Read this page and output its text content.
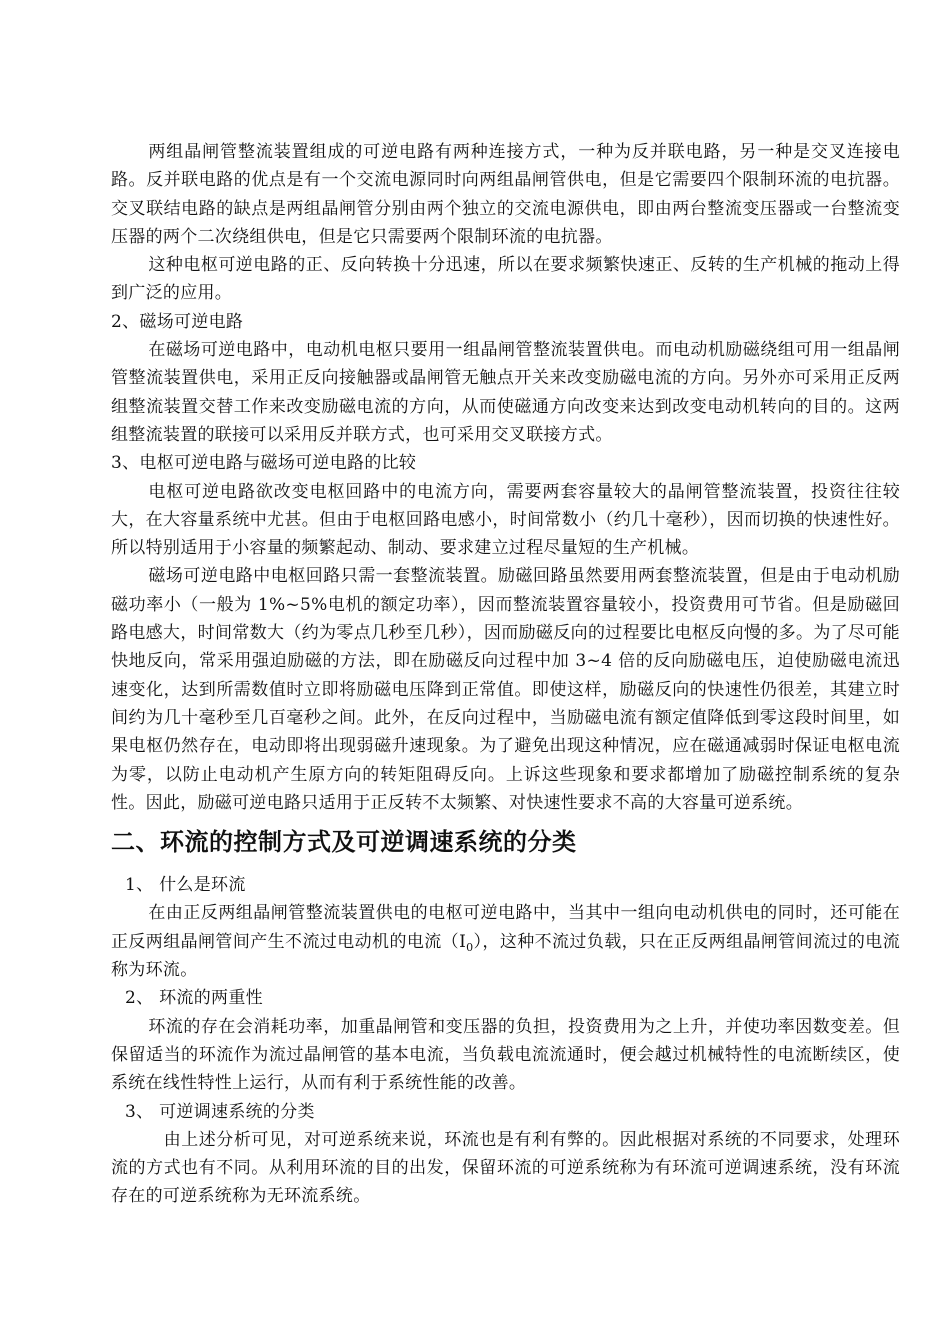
两组晶闸管整流装置组成的可逆电路有两种连接方式，一种为反并联电路，另一种是交叉连接电路。反并联电路的优点是有一个交流电源同时向两组晶闸管供电，但是它需要四个限制环流的电抗器。交叉联结电路的缺点是两组晶闸管分别由两个独立的交流电源供电，即由两台整流变压器或一台整流变压器的两个二次绕组供电，但是它只需要两个限制环流的电抗器。

这种电枢可逆电路的正、反向转换十分迅速，所以在要求频繁快速正、反转的生产机械的拖动上得到广泛的应用。

2、磁场可逆电路

在磁场可逆电路中，电动机电枢只要用一组晶闸管整流装置供电。而电动机励磁绕组可用一组晶闸管整流装置供电，采用正反向接触器或晶闸管无触点开关来改变励磁电流的方向。另外亦可采用正反两组整流装置交替工作来改变励磁电流的方向，从而使磁通方向改变来达到改变电动机转向的目的。这两组整流装置的联接可以采用反并联方式，也可采用交叉联接方式。

3、电枢可逆电路与磁场可逆电路的比较

电枢可逆电路欲改变电枢回路中的电流方向，需要两套容量较大的晶闸管整流装置，投资往往较大，在大容量系统中尤甚。但由于电枢回路电感小，时间常数小（约几十毫秒），因而切换的快速性好。所以特别适用于小容量的频繁起动、制动、要求建立过程尽量短的生产机械。

磁场可逆电路中电枢回路只需一套整流装置。励磁回路虽然要用两套整流装置，但是由于电动机励磁功率小（一般为 1%~5%电机的额定功率），因而整流装置容量较小，投资费用可节省。但是励磁回路电感大，时间常数大（约为零点几秒至几秒），因而励磁反向的过程要比电枢反向慢的多。为了尽可能快地反向，常采用强迫励磁的方法，即在励磁反向过程中加 3~4 倍的反向励磁电压，迫使励磁电流迅速变化，达到所需数值时立即将励磁电压降到正常值。即使这样，励磁反向的快速性仍很差，其建立时间约为几十毫秒至几百毫秒之间。此外，在反向过程中，当励磁电流有额定值降低到零这段时间里，如果电枢仍然存在，电动即将出现弱磁升速现象。为了避免出现这种情况，应在磁通减弱时保证电枢电流为零，以防止电动机产生原方向的转矩阻碍反向。上诉这些现象和要求都增加了励磁控制系统的复杂性。因此，励磁可逆电路只适用于正反转不太频繁、对快速性要求不高的大容量可逆系统。

二、环流的控制方式及可逆调速系统的分类

1、 什么是环流

在由正反两组晶闸管整流装置供电的电枢可逆电路中，当其中一组向电动机供电的同时，还可能在正反两组晶闸管间产生不流过电动机的电流$(I_0)$，这种不流过负载，只在正反两组晶闸管间流过的电流称为环流。

2、 环流的两重性

环流的存在会消耗功率，加重晶闸管和变压器的负担，投资费用为之上升，并使功率因数变差。但保留适当的环流作为流过晶闸管的基本电流，当负载电流流通时，便会越过机械特性的电流断续区，使系统在线性特性上运行，从而有利于系统性能的改善。

3、 可逆调速系统的分类

由上述分析可见，对可逆系统来说，环流也是有利有弊的。因此根据对系统的不同要求，处理环流的方式也有不同。从利用环流的目的出发，保留环流的可逆系统称为有环流可逆调速系统，没有环流存在的可逆系统称为无环流系统。
